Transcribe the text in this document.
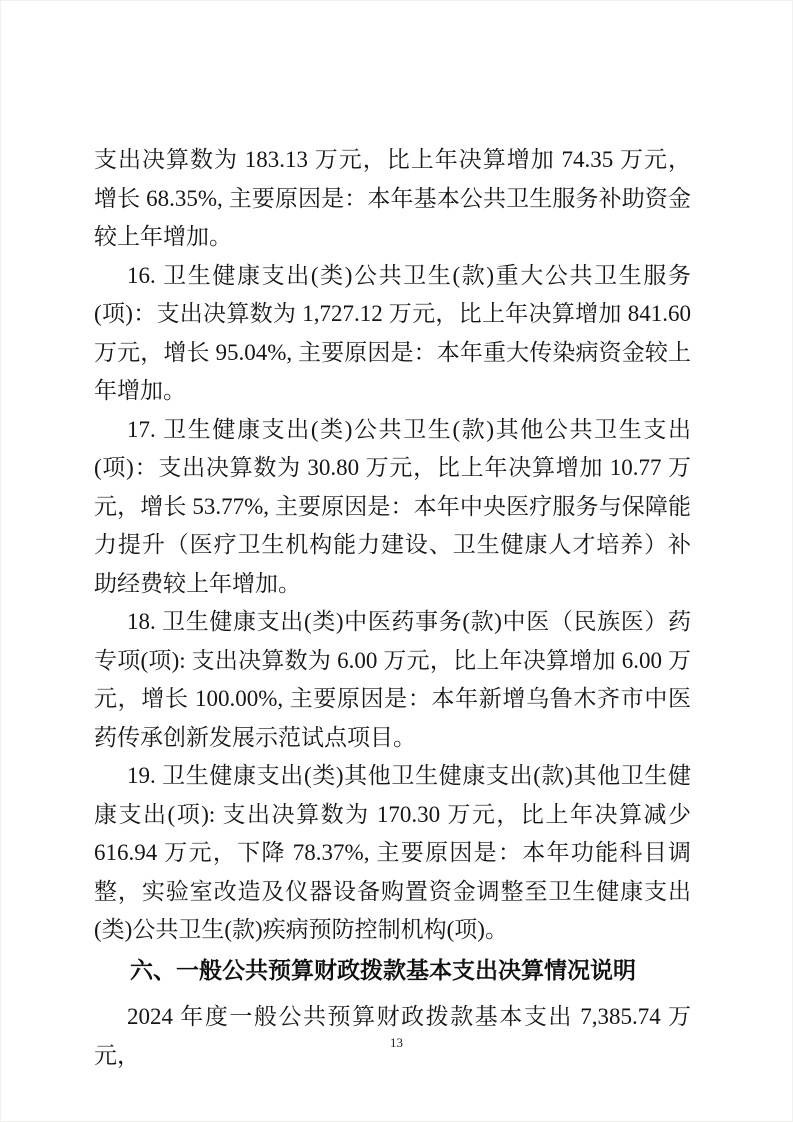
支出决算数为 183.13 万元，比上年决算增加 74.35 万元，增长 68.35%, 主要原因是：本年基本公共卫生服务补助资金较上年增加。

16. 卫生健康支出(类)公共卫生(款)重大公共卫生服务(项)：支出决算数为 1,727.12 万元，比上年决算增加 841.60 万元，增长 95.04%, 主要原因是：本年重大传染病资金较上年增加。

17. 卫生健康支出(类)公共卫生(款)其他公共卫生支出(项)：支出决算数为 30.80 万元，比上年决算增加 10.77 万元，增长 53.77%, 主要原因是：本年中央医疗服务与保障能力提升（医疗卫生机构能力建设、卫生健康人才培养）补助经费较上年增加。

18. 卫生健康支出(类)中医药事务(款)中医（民族医）药专项(项): 支出决算数为 6.00 万元，比上年决算增加 6.00 万元，增长 100.00%, 主要原因是：本年新增乌鲁木齐市中医药传承创新发展示范试点项目。

19. 卫生健康支出(类)其他卫生健康支出(款)其他卫生健康支出(项): 支出决算数为 170.30 万元，比上年决算减少 616.94 万元，下降 78.37%, 主要原因是：本年功能科目调整，实验室改造及仪器设备购置资金调整至卫生健康支出(类)公共卫生(款)疾病预防控制机构(项)。

六、一般公共预算财政拨款基本支出决算情况说明

2024 年度一般公共预算财政拨款基本支出 7,385.74 万元，	13
